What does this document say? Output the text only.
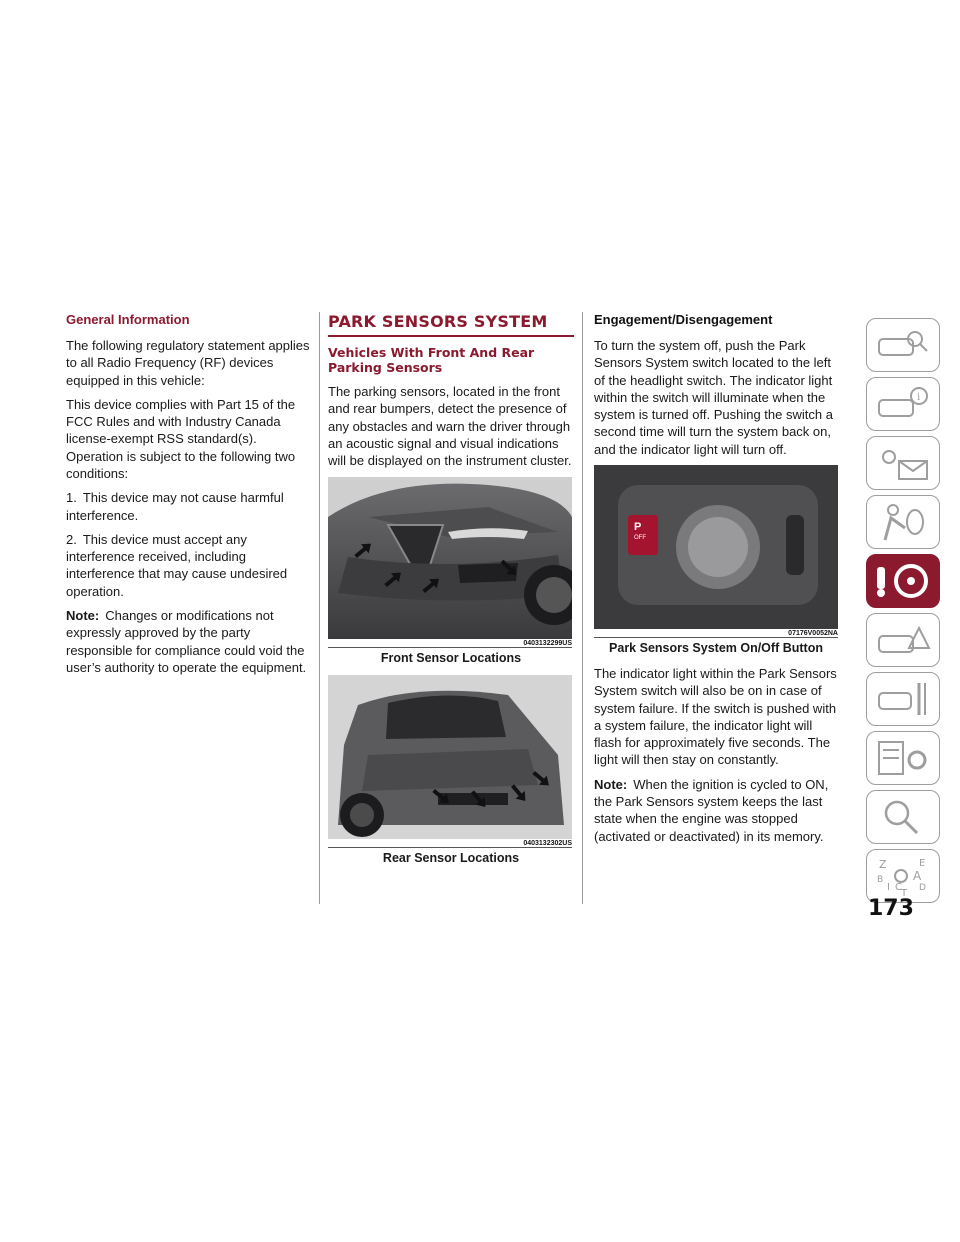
General Information

The following regulatory statement applies to all Radio Frequency (RF) devices equipped in this vehicle:

This device complies with Part 15 of the FCC Rules and with Industry Canada license-exempt RSS standard(s). Operation is subject to the following two conditions:

1. This device may not cause harmful interference.

2. This device must accept any interference received, including interference that may cause undesired operation.

Note: Changes or modifications not expressly approved by the party responsible for compliance could void the user’s authority to operate the equipment.

PARK SENSORS SYSTEM
Vehicles With Front And Rear Parking Sensors

The parking sensors, located in the front and rear bumpers, detect the presence of any obstacles and warn the driver through an acoustic signal and visual indications will be displayed on the instrument cluster.

0403132299US
Front Sensor Locations
0403132302US
Rear Sensor Locations
Engagement/Disengagement

To turn the system off, push the Park Sensors System switch located to the left of the headlight switch. The indicator light within the switch will illuminate when the system is turned off. Pushing the switch a second time will turn the system back on, and the indicator light will turn off.

P
OFF
07176V0052NA
Park Sensors System On/Off Button

The indicator light within the Park Sensors System switch will also be on in case of system failure. If the switch is pushed with a system failure, the indicator light will flash for approximately five seconds. The light will then stay on constantly.

Note: When the ignition is cycled to ON, the Park Sensors system keeps the last state when the engine was stopped (activated or deactivated) in its memory.

i
Z	E
B A
I C D
T
173
